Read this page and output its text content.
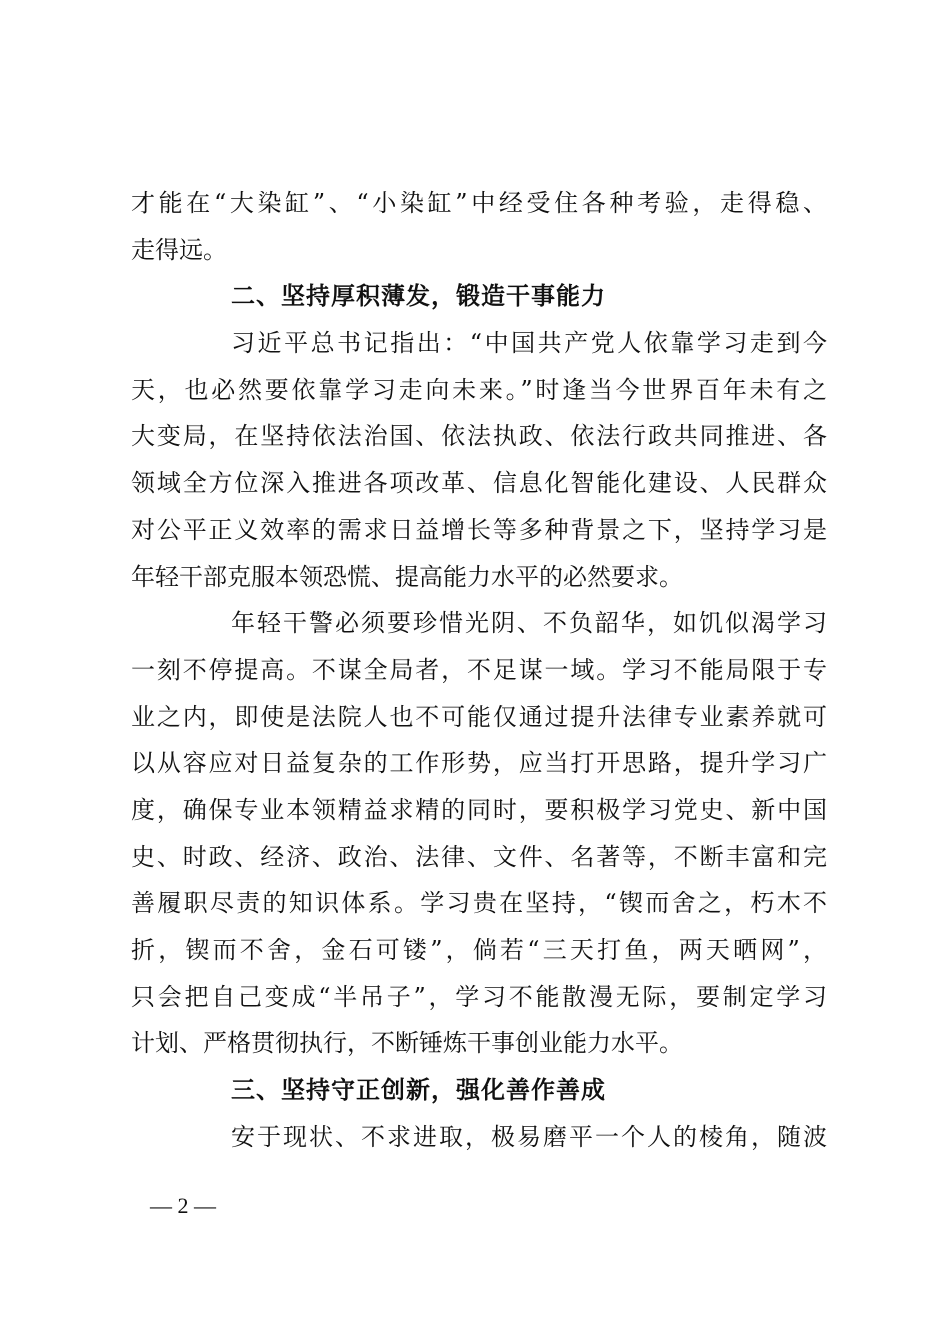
才能在“大染缸”、“小染缸”中经受住各种考验，走得稳、
走得远。
二、坚持厚积薄发，锻造干事能力
习近平总书记指出：“中国共产党人依靠学习走到今
天，也必然要依靠学习走向未来。”时逢当今世界百年未有之
大变局，在坚持依法治国、依法执政、依法行政共同推进、各
领域全方位深入推进各项改革、信息化智能化建设、人民群众
对公平正义效率的需求日益增长等多种背景之下，坚持学习是
年轻干部克服本领恐慌、提高能力水平的必然要求。
年轻干警必须要珍惜光阴、不负韶华，如饥似渴学习
一刻不停提高。不谋全局者，不足谋一域。学习不能局限于专
业之内，即使是法院人也不可能仅通过提升法律专业素养就可
以从容应对日益复杂的工作形势，应当打开思路，提升学习广
度，确保专业本领精益求精的同时，要积极学习党史、新中国
史、时政、经济、政治、法律、文件、名著等，不断丰富和完
善履职尽责的知识体系。学习贵在坚持，“锲而舍之，朽木不
折，锲而不舍，金石可镂”，倘若“三天打鱼，两天晒网”，
只会把自己变成“半吊子”，学习不能散漫无际，要制定学习
计划、严格贯彻执行，不断锤炼干事创业能力水平。
三、坚持守正创新，强化善作善成
安于现状、不求进取，极易磨平一个人的棱角，随波
— 2 —
